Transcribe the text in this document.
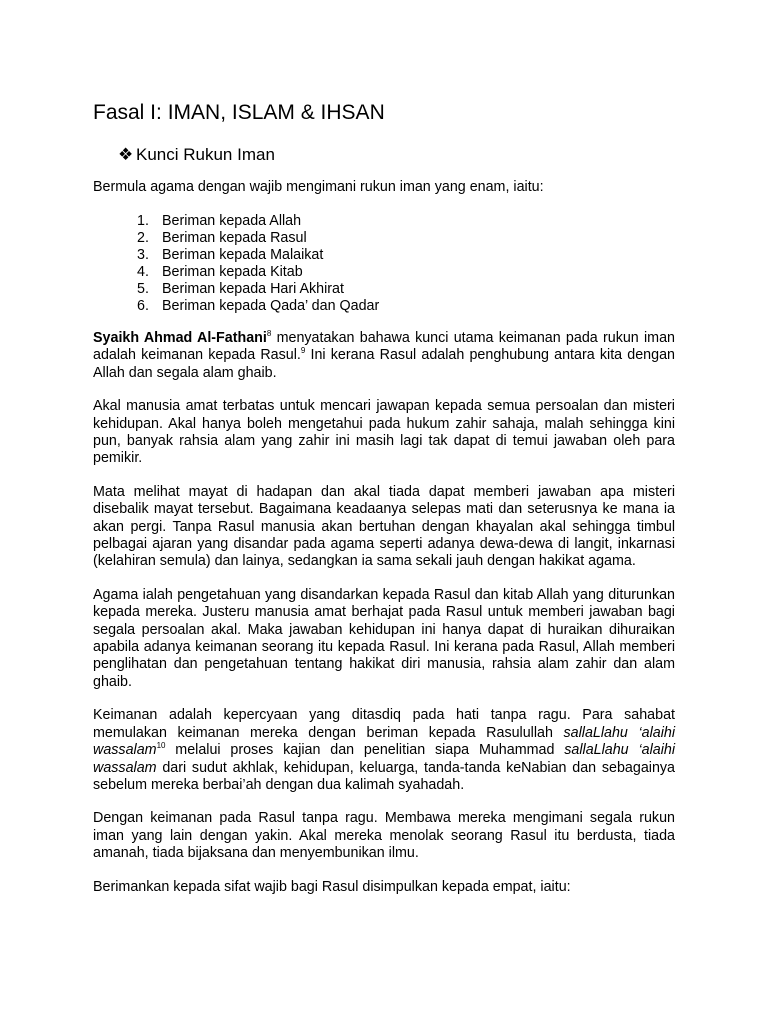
Fasal I: IMAN, ISLAM & IHSAN
❖ Kunci Rukun Iman

Bermula agama dengan wajib mengimani rukun iman yang enam, iaitu:

1. Beriman kepada Allah
2. Beriman kepada Rasul
3. Beriman kepada Malaikat
4. Beriman kepada Kitab
5. Beriman kepada Hari Akhirat
6. Beriman kepada Qada’ dan Qadar

Syaikh Ahmad Al-Fathani$^8$ menyatakan bahawa kunci utama keimanan pada rukun iman adalah keimanan kepada Rasul.$^9$ Ini kerana Rasul adalah penghubung antara kita dengan Allah dan segala alam ghaib.

Akal manusia amat terbatas untuk mencari jawapan kepada semua persoalan dan misteri kehidupan. Akal hanya boleh mengetahui pada hukum zahir sahaja, malah sehingga kini pun, banyak rahsia alam yang zahir ini masih lagi tak dapat di temui jawaban oleh para pemikir.

Mata melihat mayat di hadapan dan akal tiada dapat memberi jawaban apa misteri disebalik mayat tersebut. Bagaimana keadaanya selepas mati dan seterusnya ke mana ia akan pergi. Tanpa Rasul manusia akan bertuhan dengan khayalan akal sehingga timbul pelbagai ajaran yang disandar pada agama seperti adanya dewa-dewa di langit, inkarnasi (kelahiran semula) dan lainya, sedangkan ia sama sekali jauh dengan hakikat agama.

Agama ialah pengetahuan yang disandarkan kepada Rasul dan kitab Allah yang diturunkan kepada mereka. Justeru manusia amat berhajat pada Rasul untuk memberi jawaban bagi segala persoalan akal. Maka jawaban kehidupan ini hanya dapat di huraikan dihuraikan apabila adanya keimanan seorang itu kepada Rasul. Ini kerana pada Rasul, Allah memberi penglihatan dan pengetahuan tentang hakikat diri manusia, rahsia alam zahir dan alam ghaib.

Keimanan adalah kepercyaan yang ditasdiq pada hati tanpa ragu. Para sahabat memulakan keimanan mereka dengan beriman kepada Rasulullah sallaLlahu ‘alaihi wassalam$^{10}$ melalui proses kajian dan penelitian siapa Muhammad sallaLlahu ‘alaihi wassalam dari sudut akhlak, kehidupan, keluarga, tanda-tanda keNabian dan sebagainya sebelum mereka berbai’ah dengan dua kalimah syahadah.

Dengan keimanan pada Rasul tanpa ragu. Membawa mereka mengimani segala rukun iman yang lain dengan yakin. Akal mereka menolak seorang Rasul itu berdusta, tiada amanah, tiada bijaksana dan menyembunikan ilmu.

Berimankan kepada sifat wajib bagi Rasul disimpulkan kepada empat, iaitu:
